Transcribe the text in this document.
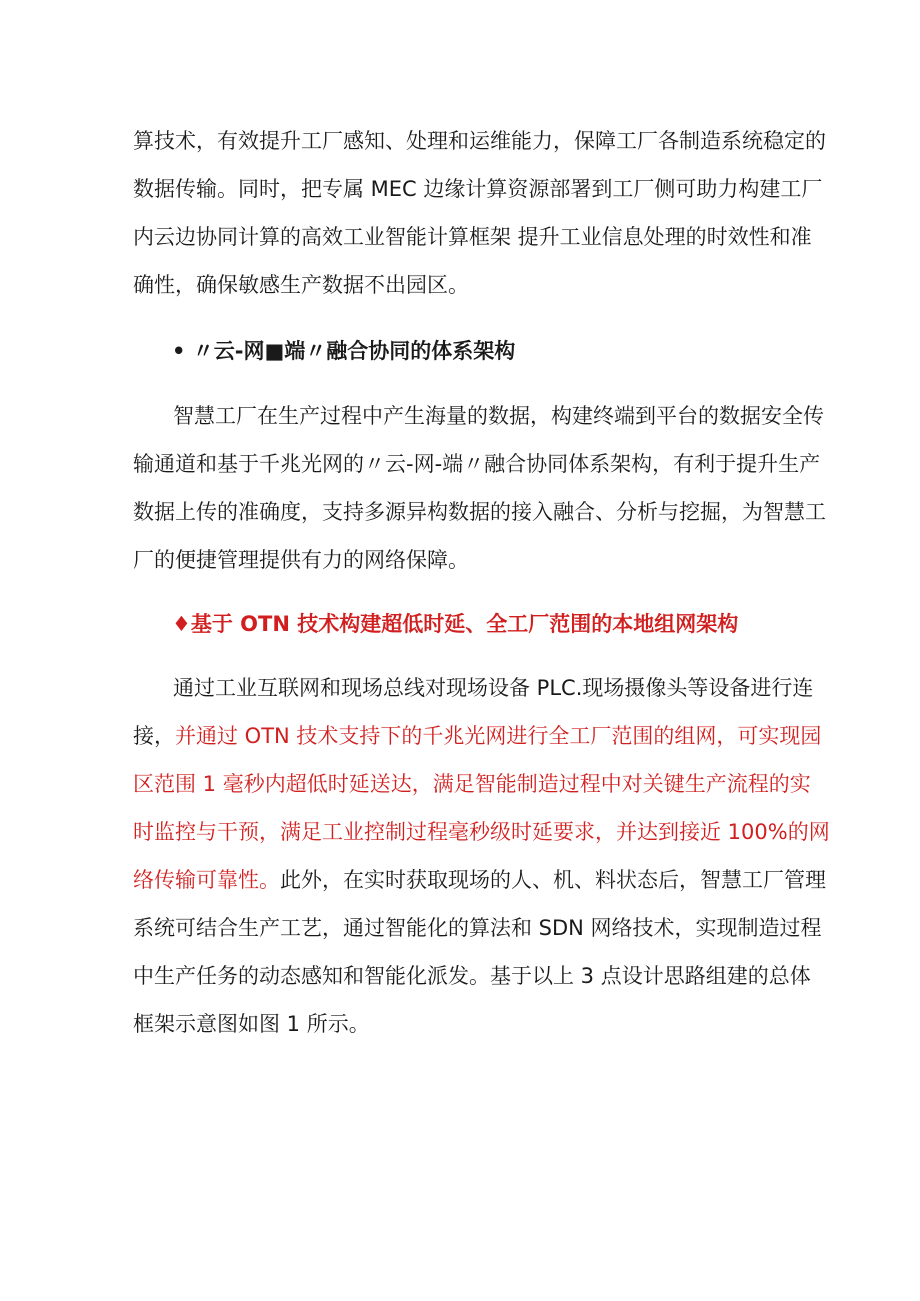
算技术，有效提升工厂感知、处理和运维能力，保障工厂各制造系统稳定的
数据传输。同时，把专属 MEC 边缘计算资源部署到工厂侧可助力构建工厂
内云边协同计算的高效工业智能计算框架 提升工业信息处理的时效性和准
确性，确保敏感生产数据不出园区。
• 〃云-网■端〃融合协同的体系架构
智慧工厂在生产过程中产生海量的数据，构建终端到平台的数据安全传
输通道和基于千兆光网的〃云-网-端〃融合协同体系架构，有利于提升生产
数据上传的准确度，支持多源异构数据的接入融合、分析与挖掘，为智慧工
厂的便捷管理提供有力的网络保障。
♦基于 OTN 技术构建超低时延、全工厂范围的本地组网架构
通过工业互联网和现场总线对现场设备 PLC.现场摄像头等设备进行连
接，并通过 OTN 技术支持下的千兆光网进行全工厂范围的组网，可实现园
区范围 1 毫秒内超低时延送达，满足智能制造过程中对关键生产流程的实
时监控与干预，满足工业控制过程毫秒级时延要求，并达到接近 100%的网
络传输可靠性。此外，在实时获取现场的人、机、料状态后，智慧工厂管理
系统可结合生产工艺，通过智能化的算法和 SDN 网络技术，实现制造过程
中生产任务的动态感知和智能化派发。基于以上 3 点设计思路组建的总体
框架示意图如图 1 所示。
